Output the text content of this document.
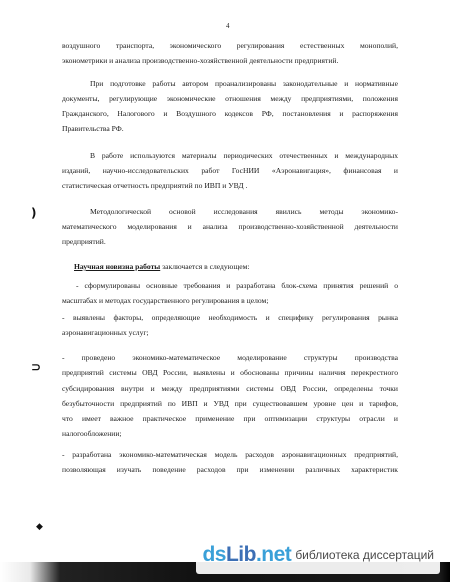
4
воздушного транспорта, экономического регулирования естественных монополий,
эконометрики и анализа производственно-хозяйственной деятельности предприятий.
При подготовке работы автором проанализированы законодательные и нормативные
документы, регулирующие экономические отношения между предприятиями, положения
Гражданского, Налогового и Воздушного кодексов РФ, постановления и распоряжения
Правительства РФ.
В работе используются материалы периодических отечественных и международных
изданий, научно-исследовательских работ ГосНИИ «Аэронавигация», финансовая и
статистическая отчетность предприятий по ИВП и УВД .
Методологической основой исследования явились методы экономико-
математического моделирования и анализа производственно-хозяйственной деятельности
предприятий.
Научная новизна работы заключается в следующем:
- сформулированы основные требования и разработана блок-схема принятия решений о
масштабах и методах государственного регулирования в целом;
- выявлены факторы, определяющие необходимость и специфику регулирования рынка
аэронавигационных услуг;
- проведено экономико-математическое моделирование структуры производства
предприятий системы ОВД России, выявлены и обоснованы причины наличия перекрестного
субсидирования внутри и между предприятиями системы ОВД России, определены точки
безубыточности предприятий по ИВП и УВД при существовавшем уровне цен и тарифов,
что имеет важное практическое применение при оптимизации структуры отрасли и
налогообложении;
- разработана экономико-математическая модель расходов аэронавигационных предприятий,
позволяющая изучать поведение расходов при изменении различных характеристик
)
⊃
◆
dsLib.net библиотека диссертаций
